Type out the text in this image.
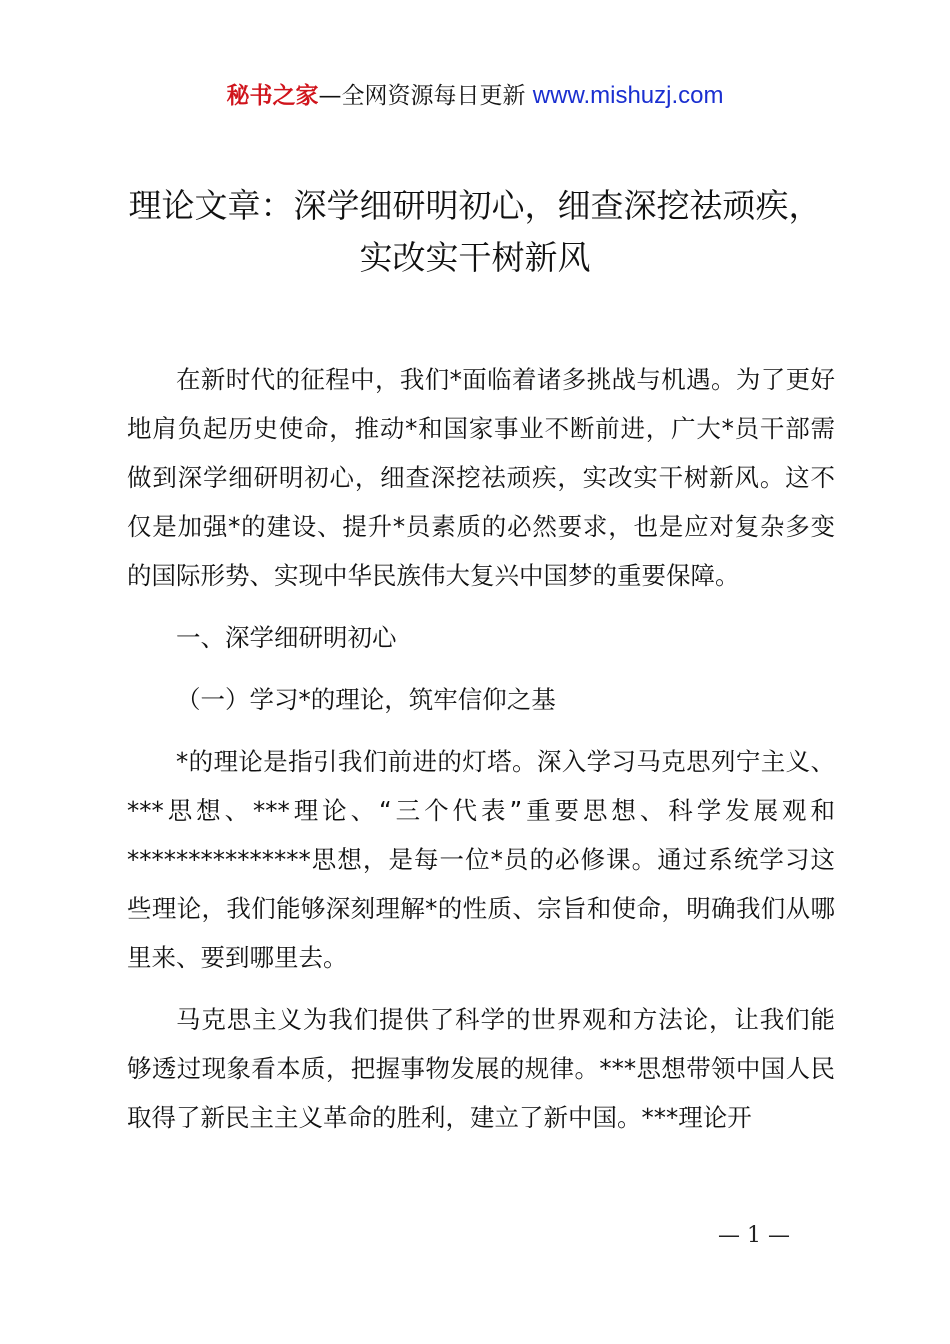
秘书之家—全网资源每日更新 www.mishuzj.com
理论文章：深学细研明初心，细查深挖祛顽疾，
实改实干树新风

在新时代的征程中，我们*面临着诸多挑战与机遇。为了更好地肩负起历史使命，推动*和国家事业不断前进，广大*员干部需做到深学细研明初心，细查深挖祛顽疾，实改实干树新风。这不仅是加强*的建设、提升*员素质的必然要求，也是应对复杂多变的国际形势、实现中华民族伟大复兴中国梦的重要保障。

一、深学细研明初心

（一）学习*的理论，筑牢信仰之基

*的理论是指引我们前进的灯塔。深入学习马克思列宁主义、***思想、***理论、“三个代表”重要思想、科学发展观和***************思想，是每一位*员的必修课。通过系统学习这些理论，我们能够深刻理解*的性质、宗旨和使命，明确我们从哪里来、要到哪里去。

马克思主义为我们提供了科学的世界观和方法论，让我们能够透过现象看本质，把握事物发展的规律。***思想带领中国人民取得了新民主主义革命的胜利，建立了新中国。***理论开

— 1 —
